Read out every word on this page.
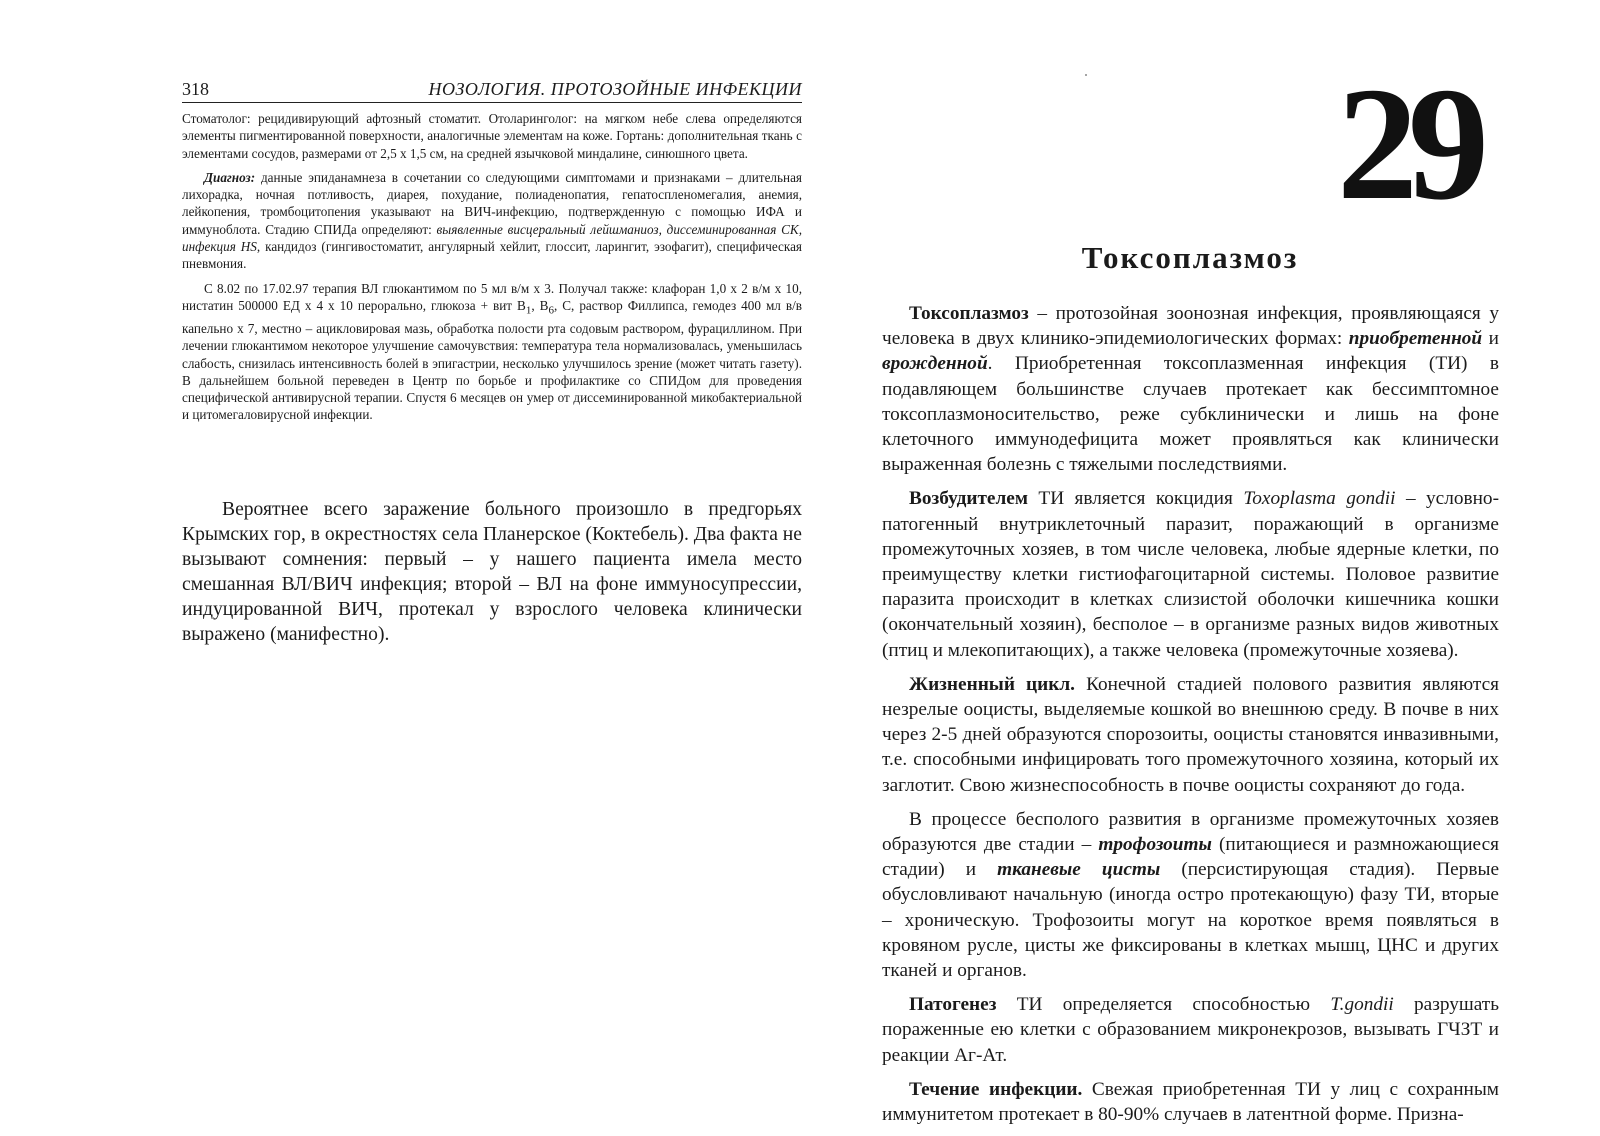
318	НОЗОЛОГИЯ. ПРОТОЗОЙНЫЕ ИНФЕКЦИИ

Стоматолог: рецидивирующий афтозный стоматит. Отоларинголог: на мягком небе слева определяются элементы пигментированной поверхности, аналогичные элементам на коже. Гортань: дополнительная ткань с элементами сосудов, размерами от 2,5 х 1,5 см, на средней язычковой миндалине, синюшного цвета.

Диагноз: данные эпиданамнеза в сочетании со следующими симптомами и признаками – длительная лихорадка, ночная потливость, диарея, похудание, полиаденопатия, гепатоспленомегалия, анемия, лейкопения, тромбоцитопения указывают на ВИЧ-инфекцию, подтвержденную с помощью ИФА и иммуноблота. Стадию СПИДа определяют: выявленные висцеральный лейшманиоз, диссеминированная СК, инфекция HS, кандидоз (гингивостоматит, ангулярный хейлит, глоссит, ларингит, эзофагит), специфическая пневмония.

С 8.02 по 17.02.97 терапия ВЛ глюкантимом по 5 мл в/м х 3. Получал также: клафоран 1,0 х 2 в/м х 10, нистатин 500000 ЕД х 4 х 10 перорально, глюкоза + вит $В_1$, $В_6$, С, раствор Филлипса, гемодез 400 мл в/в капельно х 7, местно – ацикловировая мазь, обработка полости рта содовым раствором, фурациллином. При лечении глюкантимом некоторое улучшение самочувствия: температура тела нормализовалась, уменьшилась слабость, снизилась интенсивность болей в эпигастрии, несколько улучшилось зрение (может читать газету). В дальнейшем больной переведен в Центр по борьбе и профилактике со СПИДом для проведения специфической антивирусной терапии. Спустя 6 месяцев он умер от диссеминированной микобактериальной и цитомегаловирусной инфекции.

Вероятнее всего заражение больного произошло в предгорьях Крымских гор, в окрестностях села Планерское (Коктебель). Два факта не вызывают сомнения: первый – у нашего пациента имела место смешанная ВЛ/ВИЧ инфекция; второй – ВЛ на фоне иммуносупрессии, индуцированной ВИЧ, протекал у взрослого человека клинически выражено (манифестно).

29
Токсоплазмоз

Токсоплазмоз – протозойная зоонозная инфекция, проявляющаяся у человека в двух клинико-эпидемиологических формах: приобретенной и врожденной. Приобретенная токсоплазменная инфекция (ТИ) в подавляющем большинстве случаев протекает как бессимптомное токсоплазмоносительство, реже субклинически и лишь на фоне клеточного иммунодефицита может проявляться как клинически выраженная болезнь с тяжелыми последствиями.

Возбудителем ТИ является кокцидия Toxoplasma gondii – условно-патогенный внутриклеточный паразит, поражающий в организме промежуточных хозяев, в том числе человека, любые ядерные клетки, по преимуществу клетки гистиофагоцитарной системы. Половое развитие паразита происходит в клетках слизистой оболочки кишечника кошки (окончательный хозяин), бесполое – в организме разных видов животных (птиц и млекопитающих), а также человека (промежуточные хозяева).

Жизненный цикл. Конечной стадией полового развития являются незрелые ооцисты, выделяемые кошкой во внешнюю среду. В почве в них через 2-5 дней образуются спорозоиты, ооцисты становятся инвазивными, т.е. способными инфицировать того промежуточного хозяина, который их заглотит. Свою жизнеспособность в почве ооцисты сохраняют до года.

В процессе бесполого развития в организме промежуточных хозяев образуются две стадии – трофозоиты (питающиеся и размножающиеся стадии) и тканевые цисты (персистирующая стадия). Первые обусловливают начальную (иногда остро протекающую) фазу ТИ, вторые – хроническую. Трофозоиты могут на короткое время появляться в кровяном русле, цисты же фиксированы в клетках мышц, ЦНС и других тканей и органов.

Патогенез ТИ определяется способностью T.gondii разрушать пораженные ею клетки с образованием микронекрозов, вызывать ГЧЗТ и реакции Аг-Ат.

Течение инфекции. Свежая приобретенная ТИ у лиц с сохранным иммунитетом протекает в 80-90% случаев в латентной форме. Призна-
